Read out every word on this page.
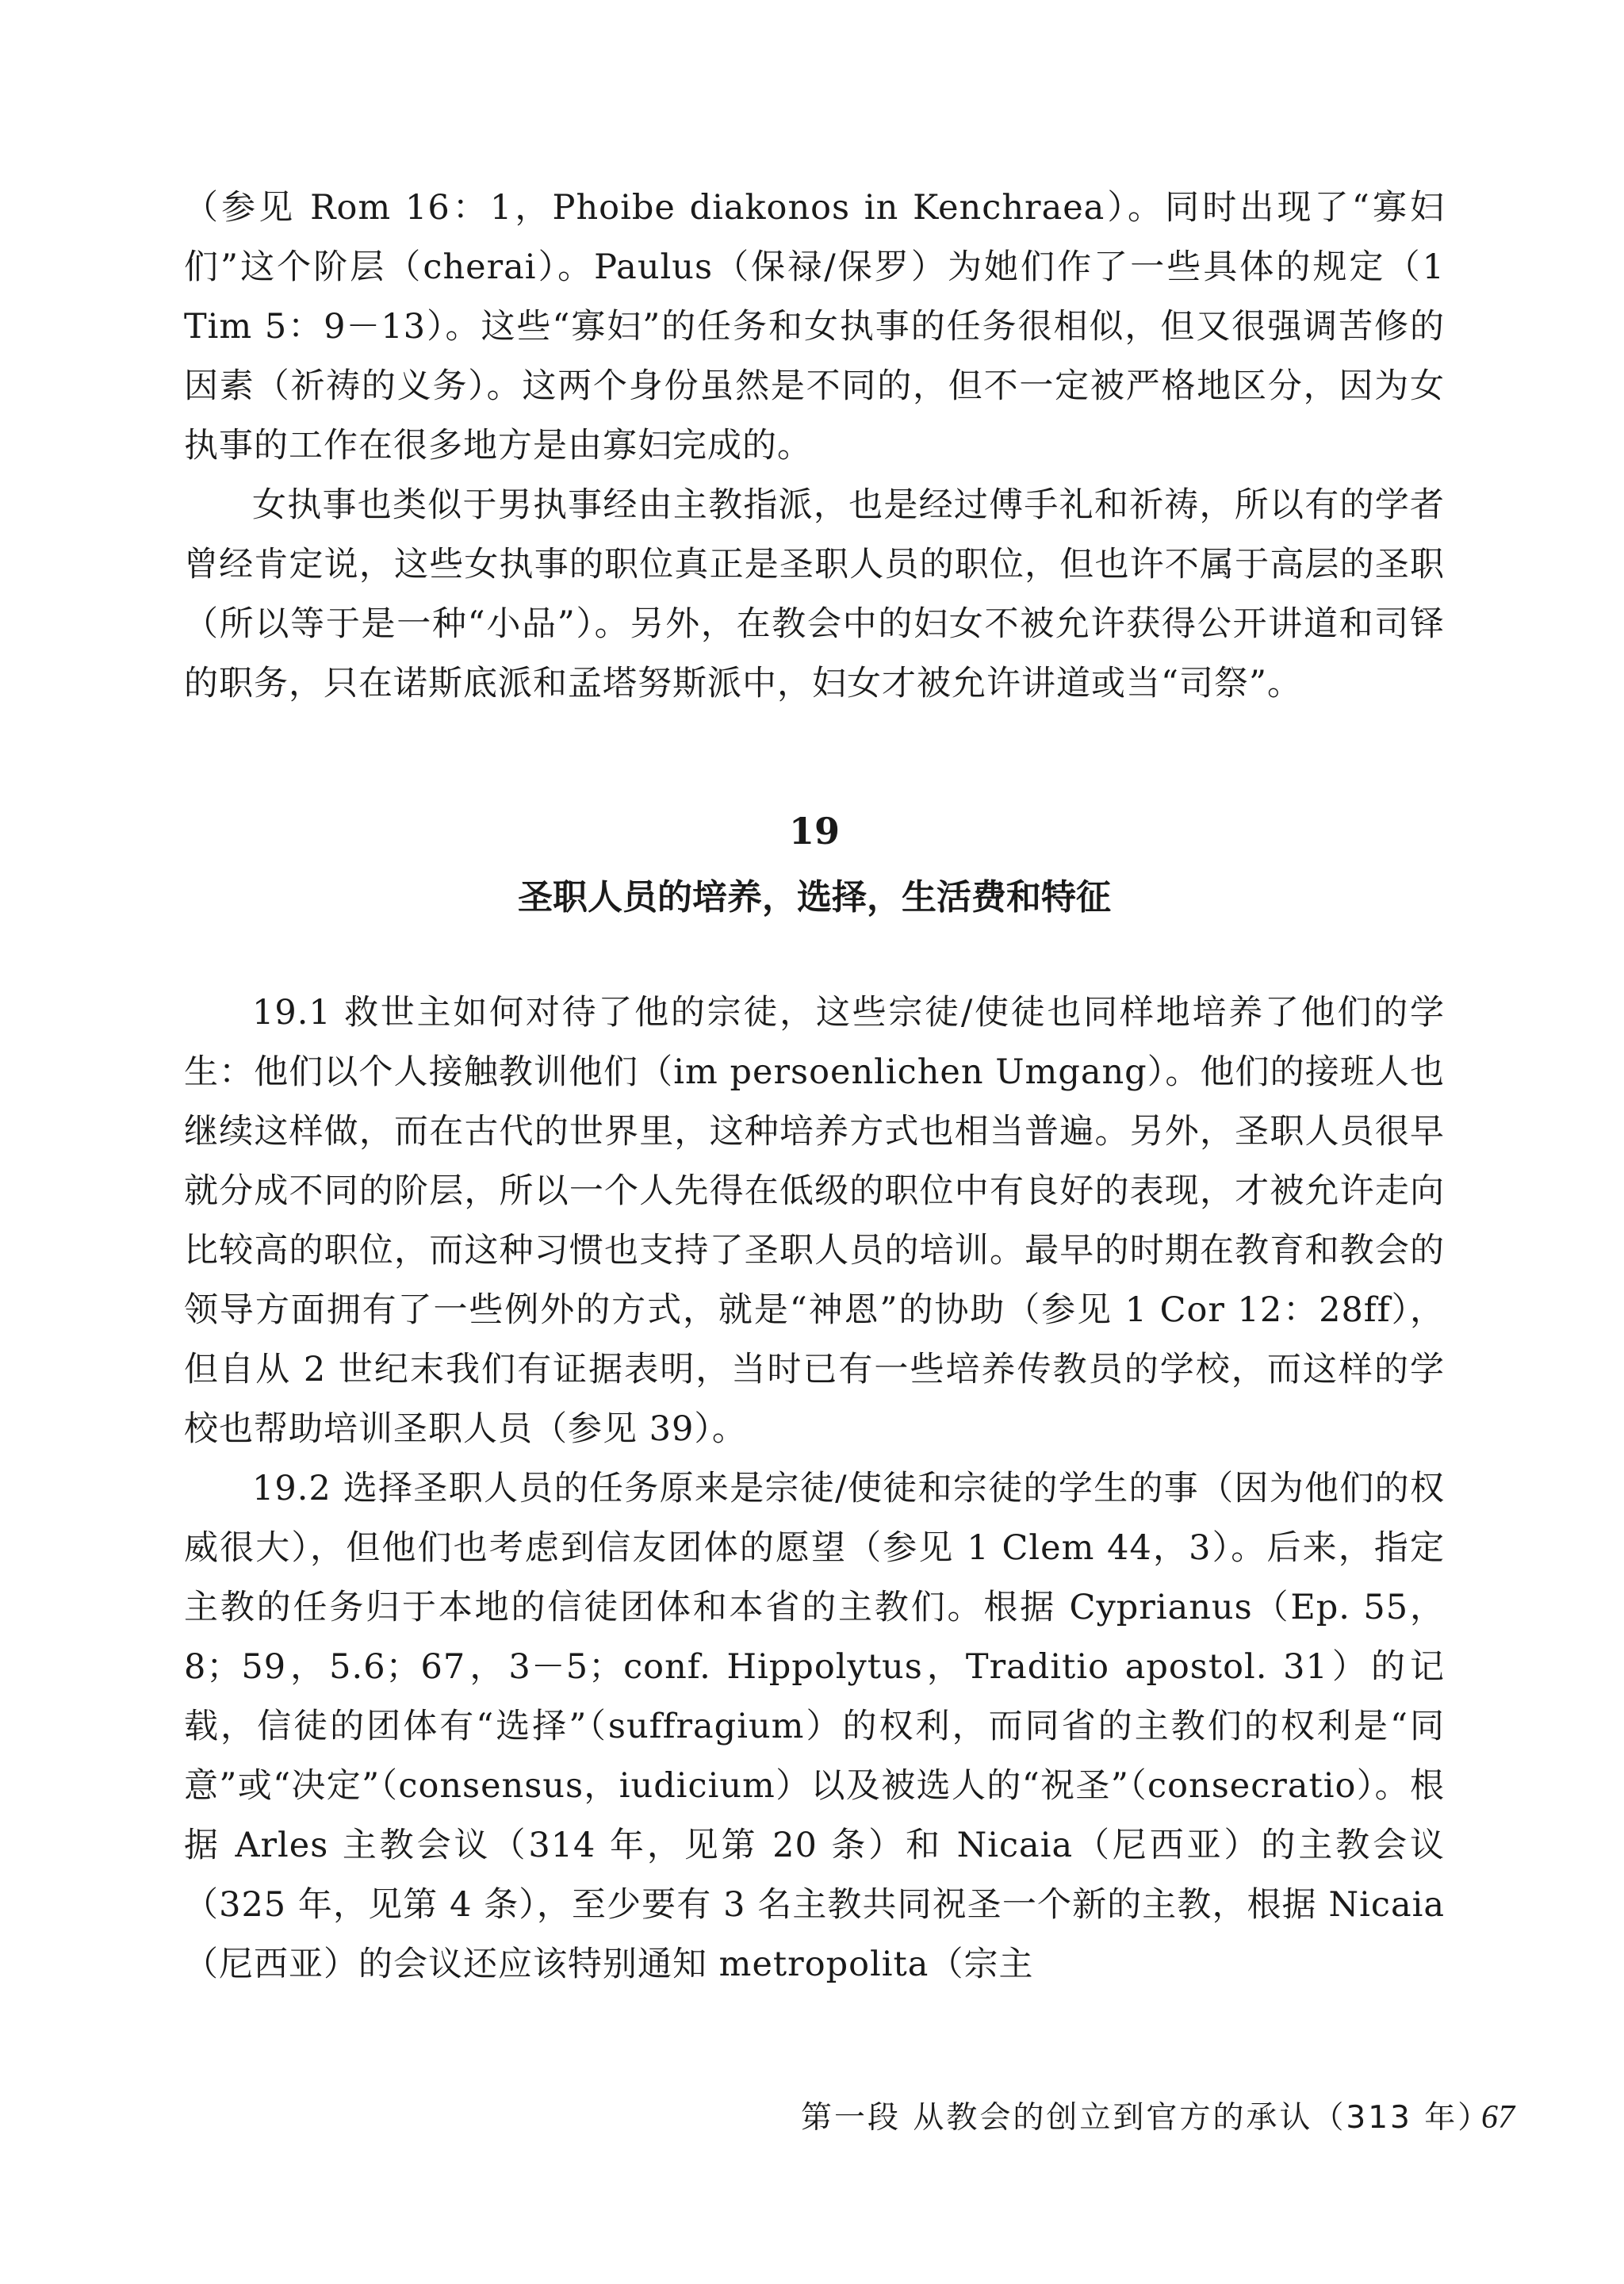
（参见 Rom 16：1，Phoibe diakonos in Kenchraea）。同时出现了“寡妇们”这个阶层（cherai）。Paulus（保禄/保罗）为她们作了一些具体的规定（1 Tim 5：9－13）。这些“寡妇”的任务和女执事的任务很相似，但又很强调苦修的因素（祈祷的义务）。这两个身份虽然是不同的，但不一定被严格地区分，因为女执事的工作在很多地方是由寡妇完成的。

女执事也类似于男执事经由主教指派，也是经过傅手礼和祈祷，所以有的学者曾经肯定说，这些女执事的职位真正是圣职人员的职位，但也许不属于高层的圣职（所以等于是一种“小品”）。另外，在教会中的妇女不被允许获得公开讲道和司铎的职务，只在诺斯底派和孟塔努斯派中，妇女才被允许讲道或当“司祭”。

19

圣职人员的培养，选择，生活费和特征

19.1 救世主如何对待了他的宗徒，这些宗徒/使徒也同样地培养了他们的学生：他们以个人接触教训他们（im persoenlichen Umgang）。他们的接班人也继续这样做，而在古代的世界里，这种培养方式也相当普遍。另外，圣职人员很早就分成不同的阶层，所以一个人先得在低级的职位中有良好的表现，才被允许走向比较高的职位，而这种习惯也支持了圣职人员的培训。最早的时期在教育和教会的领导方面拥有了一些例外的方式，就是“神恩”的协助（参见 1 Cor 12：28ff），但自从 2 世纪末我们有证据表明，当时已有一些培养传教员的学校，而这样的学校也帮助培训圣职人员（参见 39）。

19.2 选择圣职人员的任务原来是宗徒/使徒和宗徒的学生的事（因为他们的权威很大），但他们也考虑到信友团体的愿望（参见 1 Clem 44，3）。后来，指定主教的任务归于本地的信徒团体和本省的主教们。根据 Cyprianus（Ep. 55，8；59，5.6；67，3－5；conf. Hippolytus，Traditio apostol. 31）的记载，信徒的团体有“选择”（suffragium）的权利，而同省的主教们的权利是“同意”或“决定”（consensus，iudicium）以及被选人的“祝圣”（consecratio）。根据 Arles 主教会议（314 年，见第 20 条）和 Nicaia（尼西亚）的主教会议（325 年，见第 4 条），至少要有 3 名主教共同祝圣一个新的主教，根据 Nicaia（尼西亚）的会议还应该特别通知 metropolita（宗主

第一段 从教会的创立到官方的承认（313 年）
67
